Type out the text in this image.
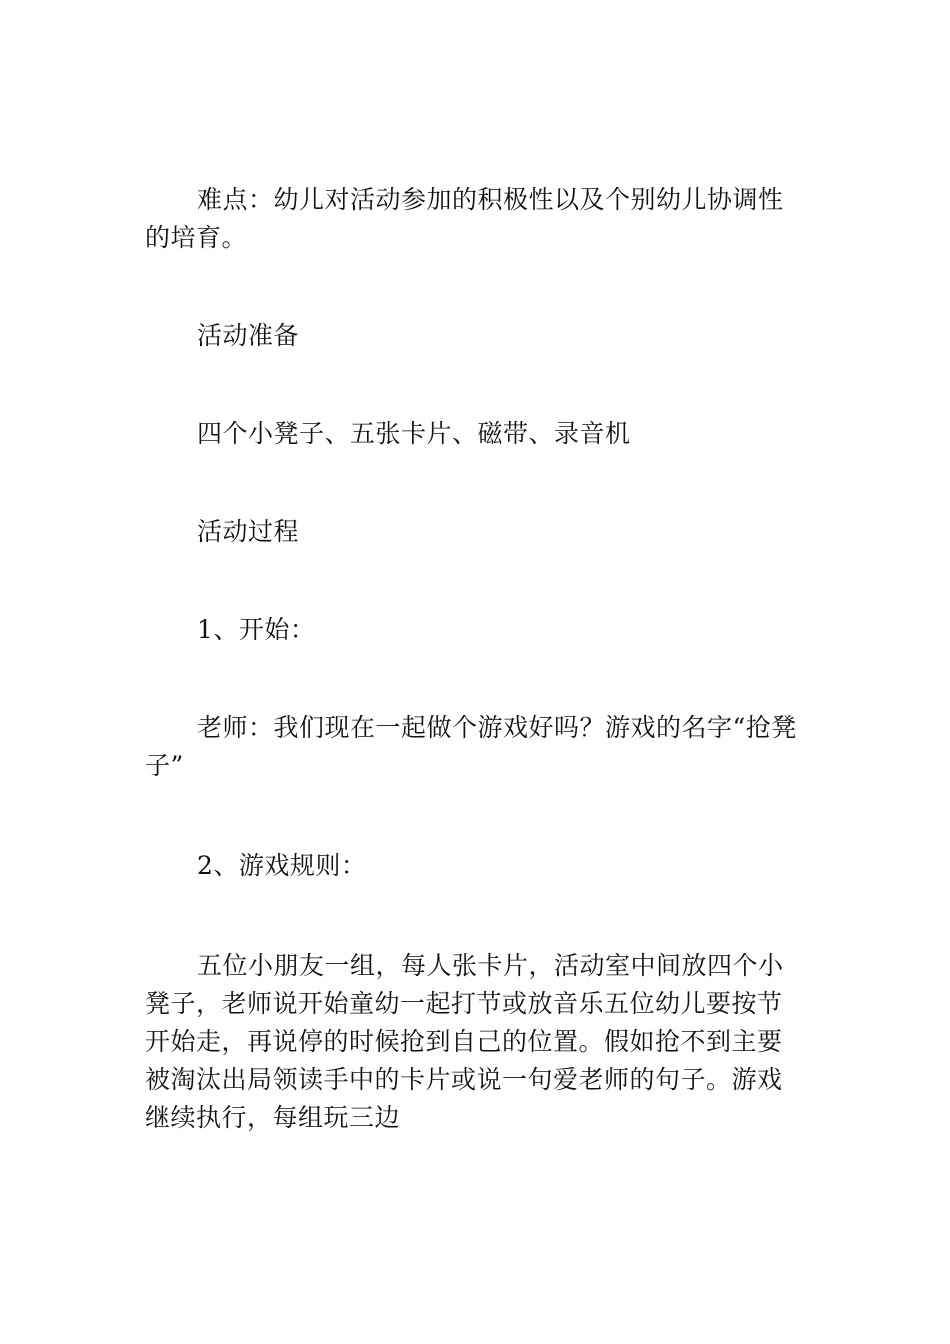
难点：幼儿对活动参加的积极性以及个别幼儿协调性的培育。

活动准备

四个小凳子、五张卡片、磁带、录音机

活动过程

1、开始：

老师：我们现在一起做个游戏好吗？游戏的名字“抢凳子”

2、游戏规则：

五位小朋友一组，每人张卡片，活动室中间放四个小凳子，老师说开始童幼一起打节或放音乐五位幼儿要按节开始走，再说停的时候抢到自己的位置。假如抢不到主要被淘汰出局领读手中的卡片或说一句爱老师的句子。游戏继续执行，每组玩三边
